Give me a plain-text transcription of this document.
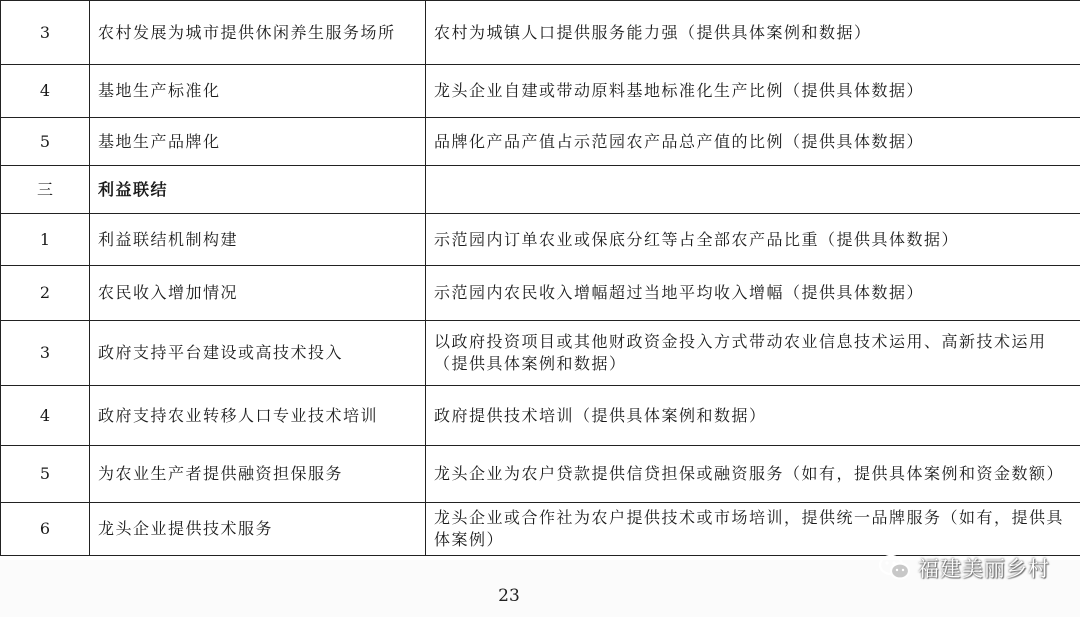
3	农村发展为城市提供休闲养生服务场所	农村为城镇人口提供服务能力强（提供具体案例和数据）
4	基地生产标准化	龙头企业自建或带动原料基地标准化生产比例（提供具体数据）
5	基地生产品牌化	品牌化产品产值占示范园农产品总产值的比例（提供具体数据）
三	利益联结	
1	利益联结机制构建	示范园内订单农业或保底分红等占全部农产品比重（提供具体数据）
2	农民收入增加情况	示范园内农民收入增幅超过当地平均收入增幅（提供具体数据）
3	政府支持平台建设或高技术投入	以政府投资项目或其他财政资金投入方式带动农业信息技术运用、高新技术运用（提供具体案例和数据）
4	政府支持农业转移人口专业技术培训	政府提供技术培训（提供具体案例和数据）
5	为农业生产者提供融资担保服务	龙头企业为农户贷款提供信贷担保或融资服务（如有，提供具体案例和资金数额）
6	龙头企业提供技术服务	龙头企业或合作社为农户提供技术或市场培训，提供统一品牌服务（如有，提供具体案例）
23
福建美丽乡村
